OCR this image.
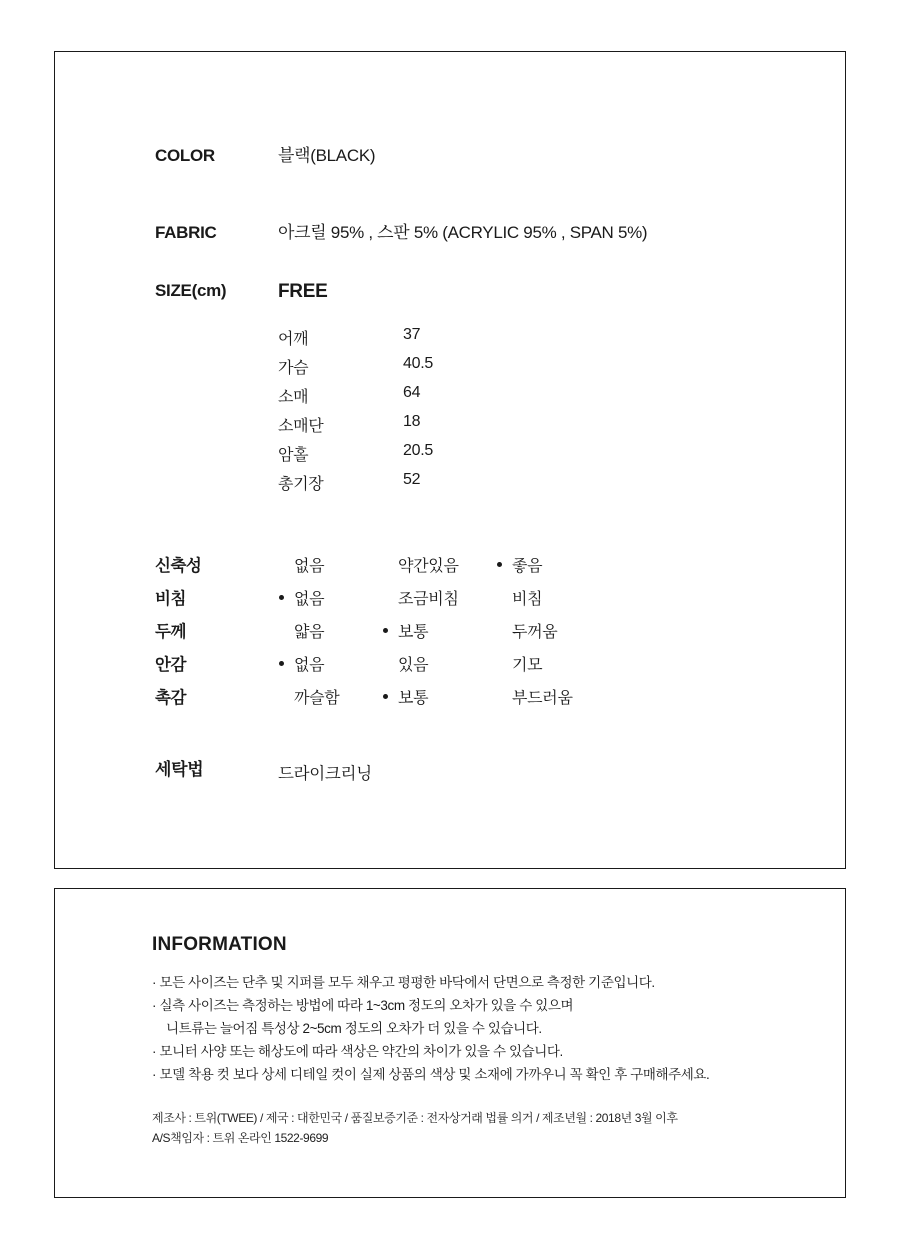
COLOR	블랙(BLACK)
FABRIC	아크릴 95% , 스판 5% (ACRYLIC 95% , SPAN 5%)
SIZE(cm)	FREE
어깨	37
가슴	40.5
소매	64
소매단	18
암홀	20.5
총기장	52
신축성	없음	약간있음	좋음
비침	없음	조금비침	비침
두께	얇음	보통	두꺼움
안감	없음	있음	기모
촉감	까슬함	보통	부드러움
세탁법	드라이크리닝
INFORMATION
· 모든 사이즈는 단추 및 지퍼를 모두 채우고 평평한 바닥에서 단면으로 측정한 기준입니다.
· 실측 사이즈는 측정하는 방법에 따라 1~3cm 정도의 오차가 있을 수 있으며
니트류는 늘어짐 특성상 2~5cm 정도의 오차가 더 있을 수 있습니다.
· 모니터 사양 또는 해상도에 따라 색상은 약간의 차이가 있을 수 있습니다.
· 모델 착용 컷 보다 상세 디테일 컷이 실제 상품의 색상 및 소재에 가까우니 꼭 확인 후 구매해주세요.
제조사 : 트위(TWEE) / 제국 : 대한민국 / 품질보증기준 : 전자상거래 법률 의거 / 제조년월 : 2018년 3월 이후
A/S책임자 : 트위 온라인 1522-9699
